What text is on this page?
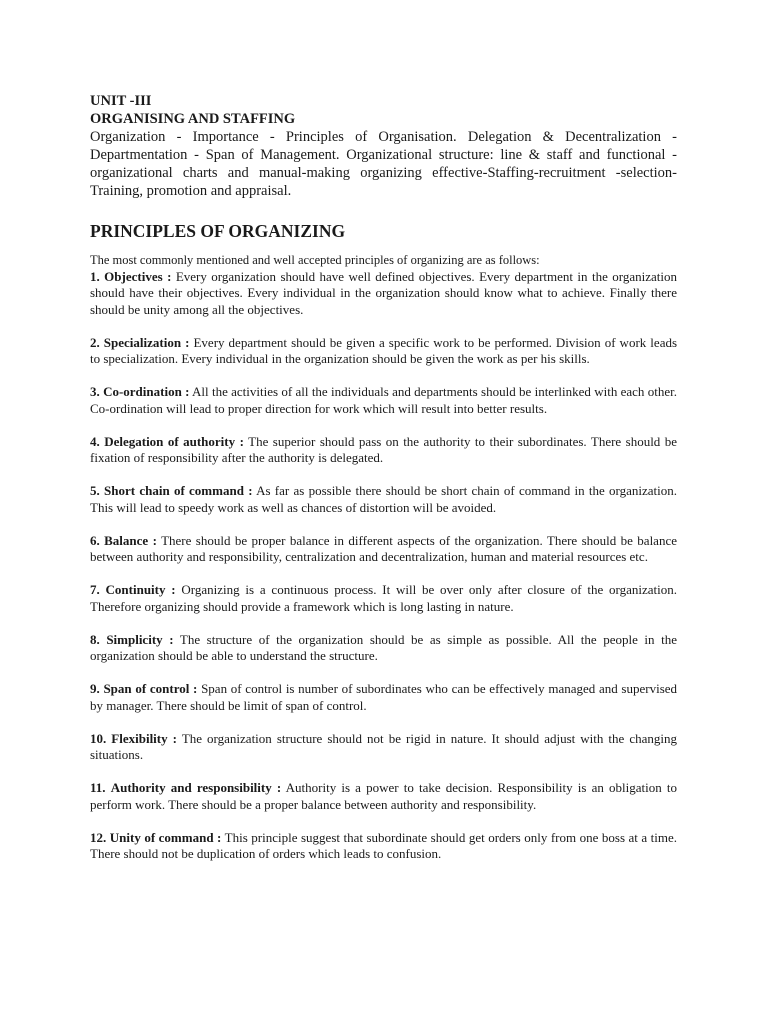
UNIT -III

ORGANISING AND STAFFING

Organization - Importance - Principles of Organisation. Delegation & Decentralization - Departmentation - Span of Management. Organizational structure: line & staff and functional - organizational charts and manual-making organizing effective-Staffing-recruitment -selection-Training, promotion and appraisal.

PRINCIPLES OF ORGANIZING

The most commonly mentioned and well accepted principles of organizing are as follows:

1. Objectives : Every organization should have well defined objectives. Every department in the organization should have their objectives. Every individual in the organization should know what to achieve. Finally there should be unity among all the objectives.

2. Specialization : Every department should be given a specific work to be performed. Division of work leads to specialization. Every individual in the organization should be given the work as per his skills.

3. Co-ordination : All the activities of all the individuals and departments should be interlinked with each other. Co-ordination will lead to proper direction for work which will result into better results.

4. Delegation of authority : The superior should pass on the authority to their subordinates. There should be fixation of responsibility after the authority is delegated.

5. Short chain of command : As far as possible there should be short chain of command in the organization. This will lead to speedy work as well as chances of distortion will be avoided.

6. Balance : There should be proper balance in different aspects of the organization. There should be balance between authority and responsibility, centralization and decentralization, human and material resources etc.

7. Continuity : Organizing is a continuous process. It will be over only after closure of the organization. Therefore organizing should provide a framework which is long lasting in nature.

8. Simplicity : The structure of the organization should be as simple as possible. All the people in the organization should be able to understand the structure.

9. Span of control : Span of control is number of subordinates who can be effectively managed and supervised by manager. There should be limit of span of control.

10. Flexibility : The organization structure should not be rigid in nature. It should adjust with the changing situations.

11. Authority and responsibility : Authority is a power to take decision. Responsibility is an obligation to perform work. There should be a proper balance between authority and responsibility.

12. Unity of command : This principle suggest that subordinate should get orders only from one boss at a time. There should not be duplication of orders which leads to confusion.
